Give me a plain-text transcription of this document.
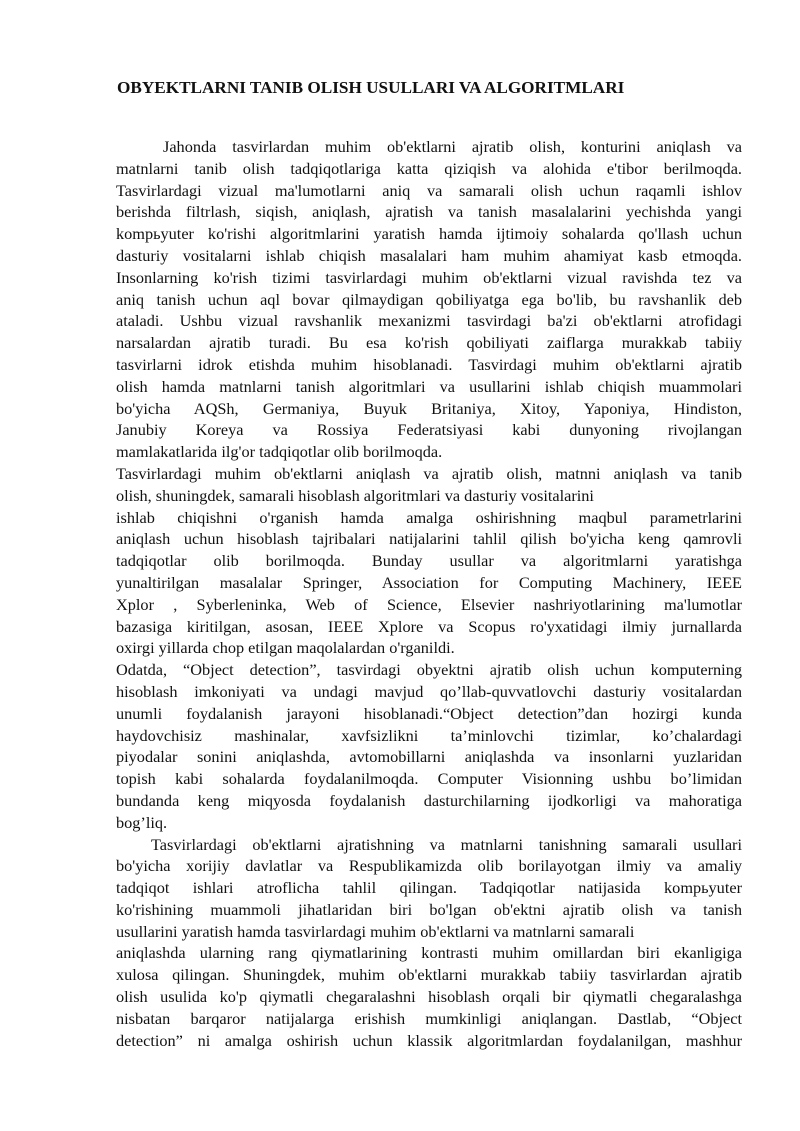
OBYEKTLARNI TANIB OLISH USULLARI VA ALGORITMLARI
Jahonda tasvirlardan muhim ob'ektlarni ajratib olish, konturini aniqlash va
matnlarni tanib olish tadqiqotlariga katta qiziqish va alohida e'tibor berilmoqda.
Tasvirlardagi vizual ma'lumotlarni aniq va samarali olish uchun raqamli ishlov
berishda filtrlash, siqish, aniqlash, ajratish va tanish masalalarini yechishda yangi
kompьyuter ko'rishi algoritmlarini yaratish hamda ijtimoiy sohalarda qo'llash uchun
dasturiy vositalarni ishlab chiqish masalalari ham muhim ahamiyat kasb etmoqda.
Insonlarning ko'rish tizimi tasvirlardagi muhim ob'ektlarni vizual ravishda tez va
aniq tanish uchun aql bovar qilmaydigan qobiliyatga ega bo'lib, bu ravshanlik deb
ataladi. Ushbu vizual ravshanlik mexanizmi tasvirdagi ba'zi ob'ektlarni atrofidagi
narsalardan ajratib turadi. Bu esa ko'rish qobiliyati zaiflarga murakkab tabiiy
tasvirlarni idrok etishda muhim hisoblanadi. Tasvirdagi muhim ob'ektlarni ajratib
olish hamda matnlarni tanish algoritmlari va usullarini ishlab chiqish muammolari
bo'yicha AQSh, Germaniya, Buyuk Britaniya, Xitoy, Yaponiya, Hindiston,
Janubiy Koreya va Rossiya Federatsiyasi kabi dunyoning rivojlangan
mamlakatlarida ilg'or tadqiqotlar olib borilmoqda.
Tasvirlardagi muhim ob'ektlarni aniqlash va ajratib olish, matnni aniqlash va tanib
olish, shuningdek, samarali hisoblash algoritmlari va dasturiy vositalarini
ishlab chiqishni o'rganish hamda amalga oshirishning maqbul parametrlarini
aniqlash uchun hisoblash tajribalari natijalarini tahlil qilish bo'yicha keng qamrovli
tadqiqotlar olib borilmoqda. Bunday usullar va algoritmlarni yaratishga
yunaltirilgan masalalar Springer, Association for Computing Machinery, IEEE
Xplor , Syberleninka, Web of Science, Elsevier nashriyotlarining ma'lumotlar
bazasiga kiritilgan, asosan, IEEE Xplore va Scopus ro'yxatidagi ilmiy jurnallarda
oxirgi yillarda chop etilgan maqolalardan o'rganildi.
Odatda, “Object detection”, tasvirdagi obyektni ajratib olish uchun komputerning
hisoblash imkoniyati va undagi mavjud qo’llab-quvvatlovchi dasturiy vositalardan
unumli foydalanish jarayoni hisoblanadi.“Object detection”dan hozirgi kunda
haydovchisiz mashinalar, xavfsizlikni ta’minlovchi tizimlar, ko’chalardagi
piyodalar sonini aniqlashda, avtomobillarni aniqlashda va insonlarni yuzlaridan
topish kabi sohalarda foydalanilmoqda. Computer Visionning ushbu bo’limidan
bundanda keng miqyosda foydalanish dasturchilarning ijodkorligi va mahoratiga
bog’liq.
Tasvirlardagi ob'ektlarni ajratishning va matnlarni tanishning samarali usullari
bo'yicha xorijiy davlatlar va Respublikamizda olib borilayotgan ilmiy va amaliy
tadqiqot ishlari atroflicha tahlil qilingan. Tadqiqotlar natijasida kompьyuter
ko'rishining muammoli jihatlaridan biri bo'lgan ob'ektni ajratib olish va tanish
usullarini yaratish hamda tasvirlardagi muhim ob'ektlarni va matnlarni samarali
aniqlashda ularning rang qiymatlarining kontrasti muhim omillardan biri ekanligiga
xulosa qilingan. Shuningdek, muhim ob'ektlarni murakkab tabiiy tasvirlardan ajratib
olish usulida ko'p qiymatli chegaralashni hisoblash orqali bir qiymatli chegaralashga
nisbatan barqaror natijalarga erishish mumkinligi aniqlangan. Dastlab, “Object
detection” ni amalga oshirish uchun klassik algoritmlardan foydalanilgan, mashhur
